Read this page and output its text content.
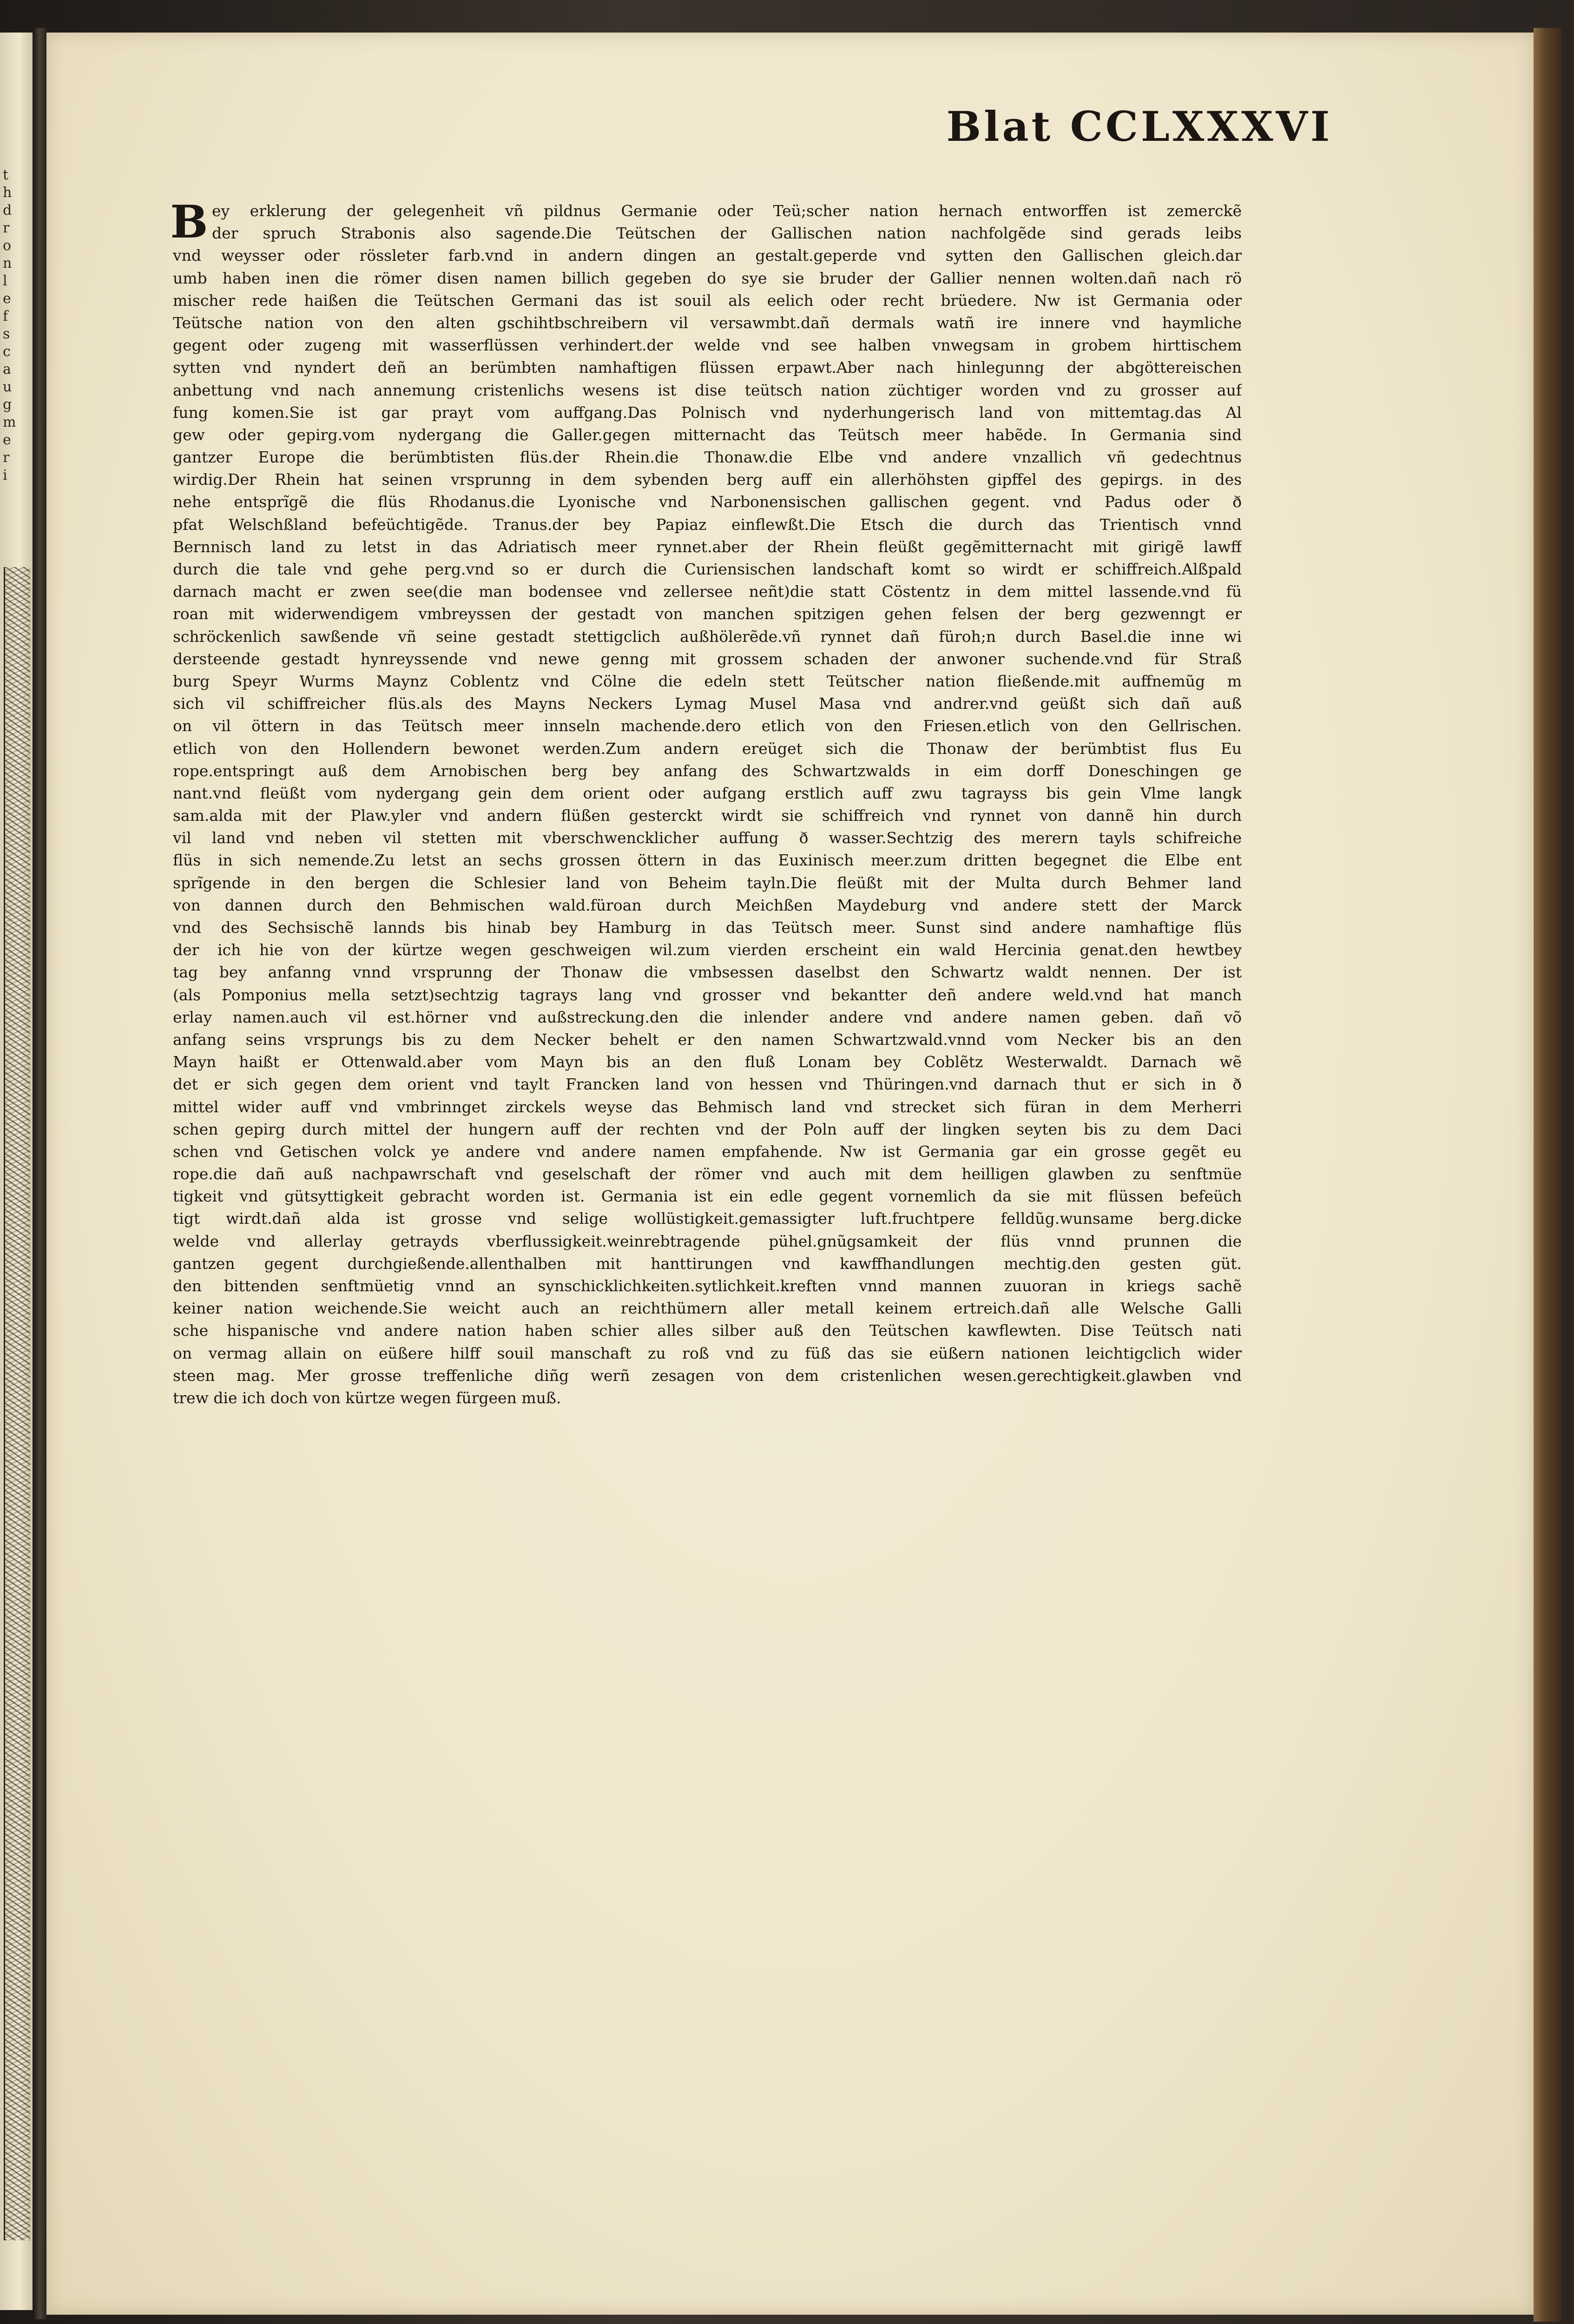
t
h
d
r
o
n
l
e
f
s
c
a
u
g
m
e
r
i
Blat CCLXXXVI
B ey erklerung der gelegenheit vñ pildnus Germanie oder Teü;scher nation hernach entworffen ist zemerckẽ
der spruch Strabonis also sagende.Die Teütschen der Gallischen nation nachfolgẽde sind gerads leibs
vnd weysser oder rössleter farb.vnd in andern dingen an gestalt.geperde vnd sytten den Gallischen gleich.dar
umb haben inen die römer disen namen billich gegeben do sye sie bruder der Gallier nennen wolten.dañ nach rö
mischer rede haißen die Teütschen Germani das ist souil als eelich oder recht brüedere. Nw ist Germania oder
Teütsche nation von den alten gschihtbschreibern vil versawmbt.dañ dermals watñ ire innere vnd haymliche
gegent oder zugeng mit wasserflüssen verhindert.der welde vnd see halben vnwegsam in grobem hirttischem
sytten vnd nyndert deñ an berümbten namhaftigen flüssen erpawt.Aber nach hinlegunng der abgöttereischen
anbettung vnd nach annemung cristenlichs wesens ist dise teütsch nation züchtiger worden vnd zu grosser auf
fung komen.Sie ist gar prayt vom auffgang.Das Polnisch vnd nyderhungerisch land von mittemtag.das Al
gew oder gepirg.vom nydergang die Galler.gegen mitternacht das Teütsch meer habẽde. In Germania sind
gantzer Europe die berümbtisten flüs.der Rhein.die Thonaw.die Elbe vnd andere vnzallich vñ gedechtnus
wirdig.Der Rhein hat seinen vrsprunng in dem sybenden berg auff ein allerhöhsten gipffel des gepirgs. in des
nehe entsprĩgẽ die flüs Rhodanus.die Lyonische vnd Narbonensischen gallischen gegent. vnd Padus oder ð
pfat Welschßland befeüchtigẽde. Tranus.der bey Papiaz einflewßt.Die Etsch die durch das Trientisch vnnd
Bernnisch land zu letst in das Adriatisch meer rynnet.aber der Rhein fleüßt gegẽmitternacht mit girigẽ lawff
durch die tale vnd gehe perg.vnd so er durch die Curiensischen landschaft komt so wirdt er schiffreich.Alßpald
darnach macht er zwen see(die man bodensee vnd zellersee neñt)die statt Cöstentz in dem mittel lassende.vnd fü
roan mit widerwendigem vmbreyssen der gestadt von manchen spitzigen gehen felsen der berg gezwenngt er
schröckenlich sawßende vñ seine gestadt stettigclich außhölerẽde.vñ rynnet dañ füroh;n durch Basel.die inne wi
dersteende gestadt hynreyssende vnd newe genng mit grossem schaden der anwoner suchende.vnd für Straß
burg Speyr Wurms Maynz Coblentz vnd Cölne die edeln stett Teütscher nation fließende.mit auffnemũg m
sich vil schiffreicher flüs.als des Mayns Neckers Lymag Musel Masa vnd andrer.vnd geüßt sich dañ auß
on vil öttern in das Teütsch meer innseln machende.dero etlich von den Friesen.etlich von den Gellrischen.
etlich von den Hollendern bewonet werden.Zum andern ereüget sich die Thonaw der berümbtist flus Eu
rope.entspringt auß dem Arnobischen berg bey anfang des Schwartzwalds in eim dorff Doneschingen ge
nant.vnd fleüßt vom nydergang gein dem orient oder aufgang erstlich auff zwu tagrayss bis gein Vlme langk
sam.alda mit der Plaw.yler vnd andern flüßen gesterckt wirdt sie schiffreich vnd rynnet von dannẽ hin durch
vil land vnd neben vil stetten mit vberschwencklicher auffung ð wasser.Sechtzig des merern tayls schifreiche
flüs in sich nemende.Zu letst an sechs grossen öttern in das Euxinisch meer.zum dritten begegnet die Elbe ent
sprĩgende in den bergen die Schlesier land von Beheim tayln.Die fleüßt mit der Multa durch Behmer land
von dannen durch den Behmischen wald.füroan durch Meichßen Maydeburg vnd andere stett der Marck
vnd des Sechsischẽ lannds bis hinab bey Hamburg in das Teütsch meer. Sunst sind andere namhaftige flüs
der ich hie von der kürtze wegen geschweigen wil.zum vierden erscheint ein wald Hercinia genat.den hewtbey
tag bey anfanng vnnd vrsprunng der Thonaw die vmbsessen daselbst den Schwartz waldt nennen. Der ist
(als Pomponius mella setzt)sechtzig tagrays lang vnd grosser vnd bekantter deñ andere weld.vnd hat manch
erlay namen.auch vil est.hörner vnd außstreckung.den die inlender andere vnd andere namen geben. dañ võ
anfang seins vrsprungs bis zu dem Necker behelt er den namen Schwartzwald.vnnd vom Necker bis an den
Mayn haißt er Ottenwald.aber vom Mayn bis an den fluß Lonam bey Coblẽtz Westerwaldt. Darnach wẽ
det er sich gegen dem orient vnd taylt Francken land von hessen vnd Thüringen.vnd darnach thut er sich in ð
mittel wider auff vnd vmbrinnget zirckels weyse das Behmisch land vnd strecket sich füran in dem Merherri
schen gepirg durch mittel der hungern auff der rechten vnd der Poln auff der lingken seyten bis zu dem Daci
schen vnd Getischen volck ye andere vnd andere namen empfahende. Nw ist Germania gar ein grosse gegẽt eu
rope.die dañ auß nachpawrschaft vnd geselschaft der römer vnd auch mit dem heilligen glawben zu senftmüe
tigkeit vnd gütsyttigkeit gebracht worden ist. Germania ist ein edle gegent vornemlich da sie mit flüssen befeüch
tigt wirdt.dañ alda ist grosse vnd selige wollüstigkeit.gemassigter luft.fruchtpere felldũg.wunsame berg.dicke
welde vnd allerlay getrayds vberflussigkeit.weinrebtragende pühel.gnũgsamkeit der flüs vnnd prunnen die
gantzen gegent durchgießende.allenthalben mit hanttirungen vnd kawffhandlungen mechtig.den gesten güt.
den bittenden senftmüetig vnnd an synschicklichkeiten.sytlichkeit.kreften vnnd mannen zuuoran in kriegs sachẽ
keiner nation weichende.Sie weicht auch an reichthümern aller metall keinem ertreich.dañ alle Welsche Galli
sche hispanische vnd andere nation haben schier alles silber auß den Teütschen kawflewten. Dise Teütsch nati
on vermag allain on eüßere hilff souil manschaft zu roß vnd zu füß das sie eüßern nationen leichtigclich wider
steen mag. Mer grosse treffenliche diñg werñ zesagen von dem cristenlichen wesen.gerechtigkeit.glawben vnd
trew die ich doch von kürtze wegen fürgeen muß.
